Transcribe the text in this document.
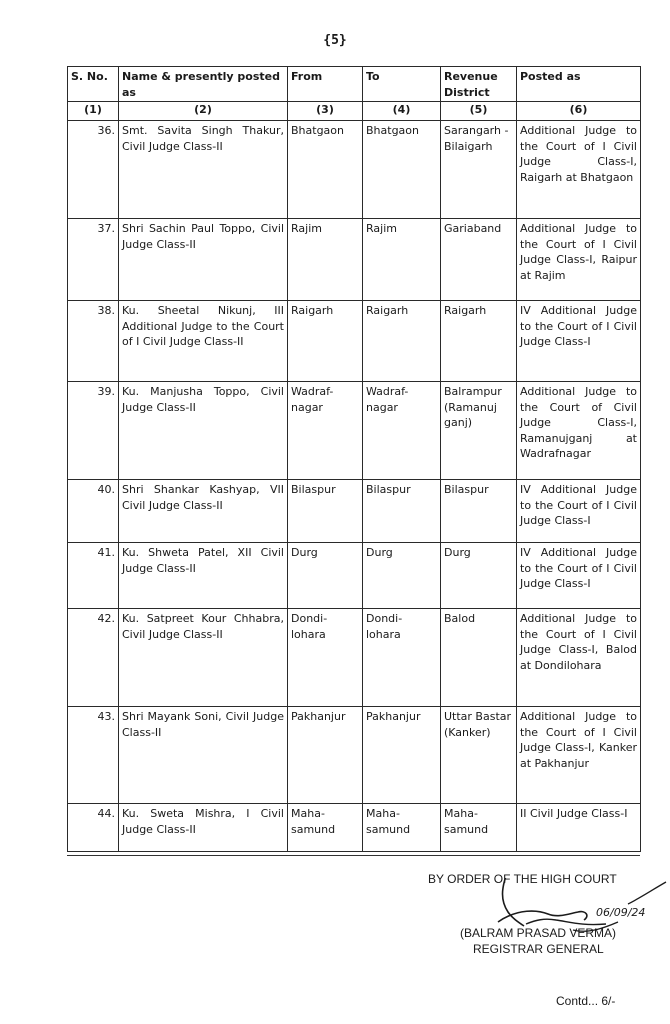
{5}
S. No.	Name & presently posted as	From	To	Revenue District	Posted as
(1)	(2)	(3)	(4)	(5)	(6)
36.	Smt. Savita Singh Thakur, Civil Judge Class-II	Bhatgaon	Bhatgaon	Sarangarh -Bilaigarh	Additional Judge to the Court of I Civil Judge Class-I, Raigarh at Bhatgaon
37.	Shri Sachin Paul Toppo, Civil Judge Class-II	Rajim	Rajim	Gariaband	Additional Judge to the Court of I Civil Judge Class-I, Raipur at Rajim
38.	Ku. Sheetal Nikunj, III Additional Judge to the Court of I Civil Judge Class-II	Raigarh	Raigarh	Raigarh	IV Additional Judge to the Court of I Civil Judge Class-I
39.	Ku. Manjusha Toppo, Civil Judge Class-II	Wadraf- nagar	Wadraf- nagar	Balrampur (Ramanuj ganj)	Additional Judge to the Court of Civil Judge Class-I, Ramanujganj at Wadrafnagar
40.	Shri Shankar Kashyap, VII Civil Judge Class-II	Bilaspur	Bilaspur	Bilaspur	IV Additional Judge to the Court of I Civil Judge Class-I
41.	Ku. Shweta Patel, XII Civil Judge Class-II	Durg	Durg	Durg	IV Additional Judge to the Court of I Civil Judge Class-I
42.	Ku. Satpreet Kour Chhabra, Civil Judge Class-II	Dondi- lohara	Dondi- lohara	Balod	Additional Judge to the Court of I Civil Judge Class-I, Balod at Dondilohara
43.	Shri Mayank Soni, Civil Judge Class-II	Pakhanjur	Pakhanjur	Uttar Bastar (Kanker)	Additional Judge to the Court of I Civil Judge Class-I, Kanker at Pakhanjur
44.	Ku. Sweta Mishra, I Civil Judge Class-II	Maha- samund	Maha- samund	Maha- samund	II Civil Judge Class-I
BY ORDER OF THE HIGH COURT
06/09/24
(BALRAM PRASAD VERMA)
REGISTRAR GENERAL
Contd... 6/-
